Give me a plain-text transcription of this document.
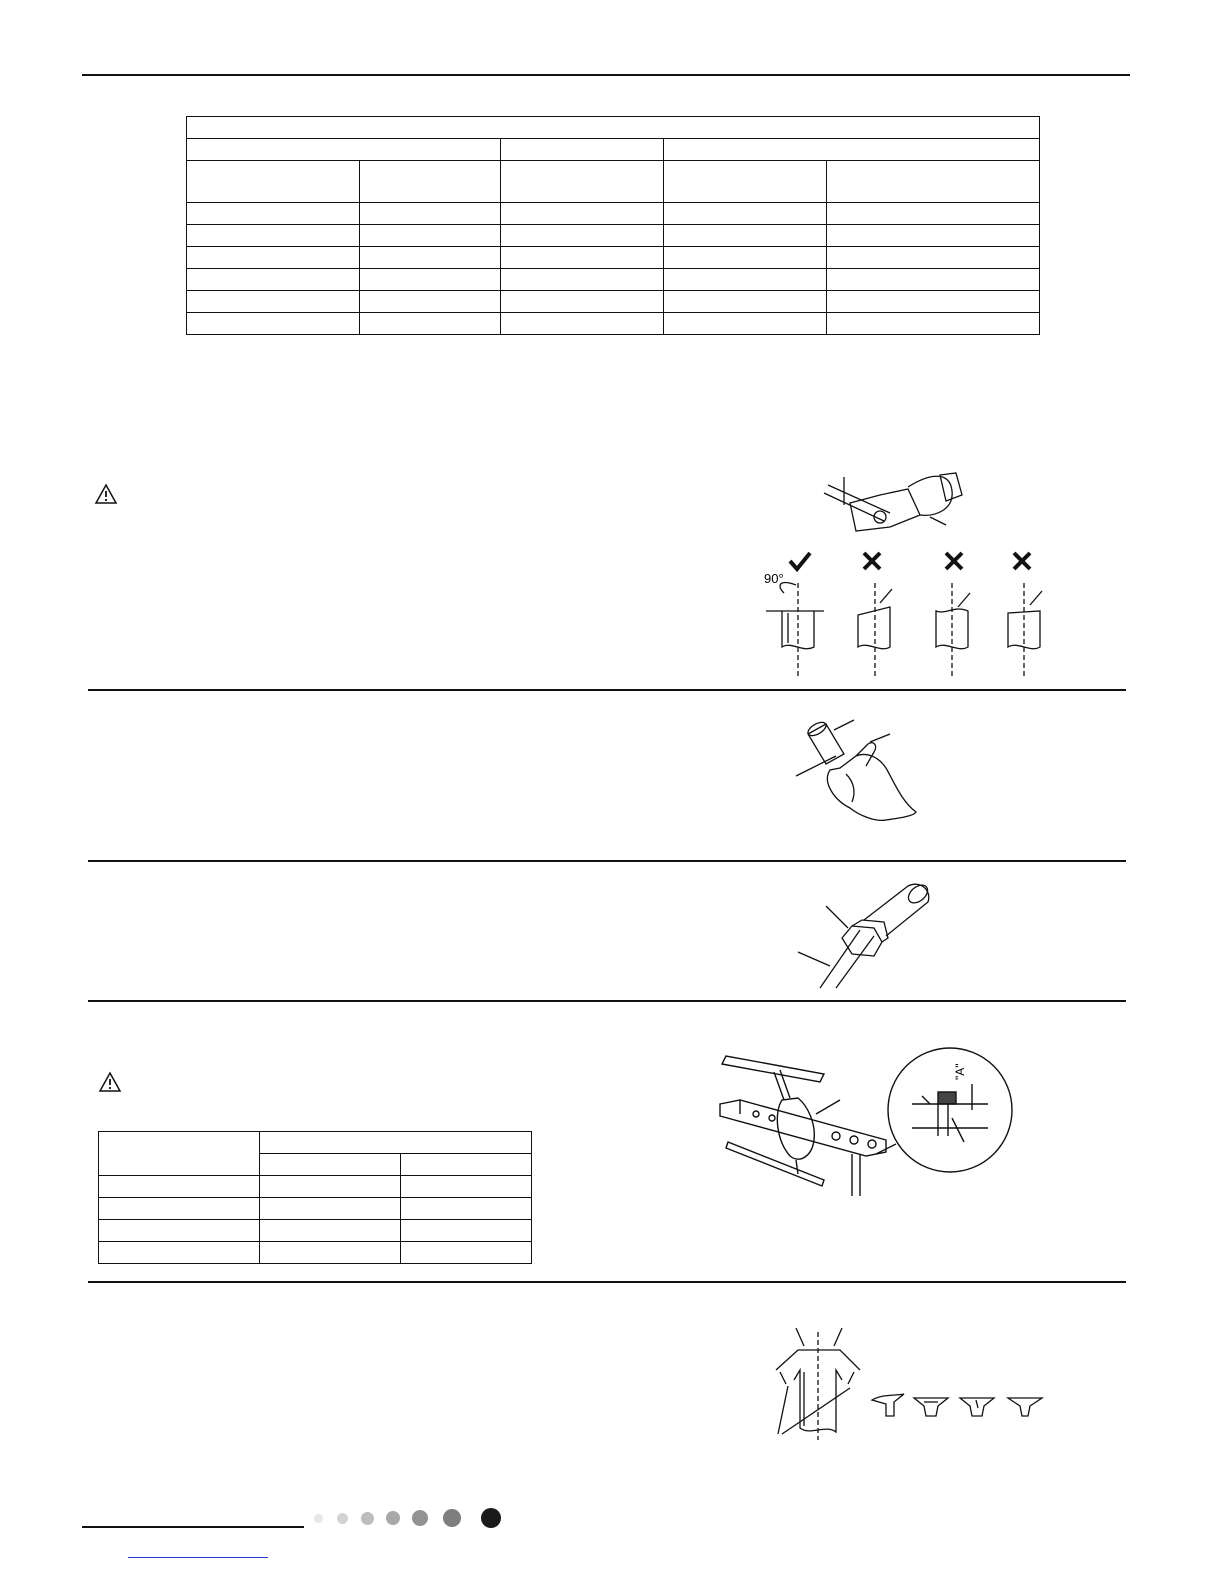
90°
"A"
